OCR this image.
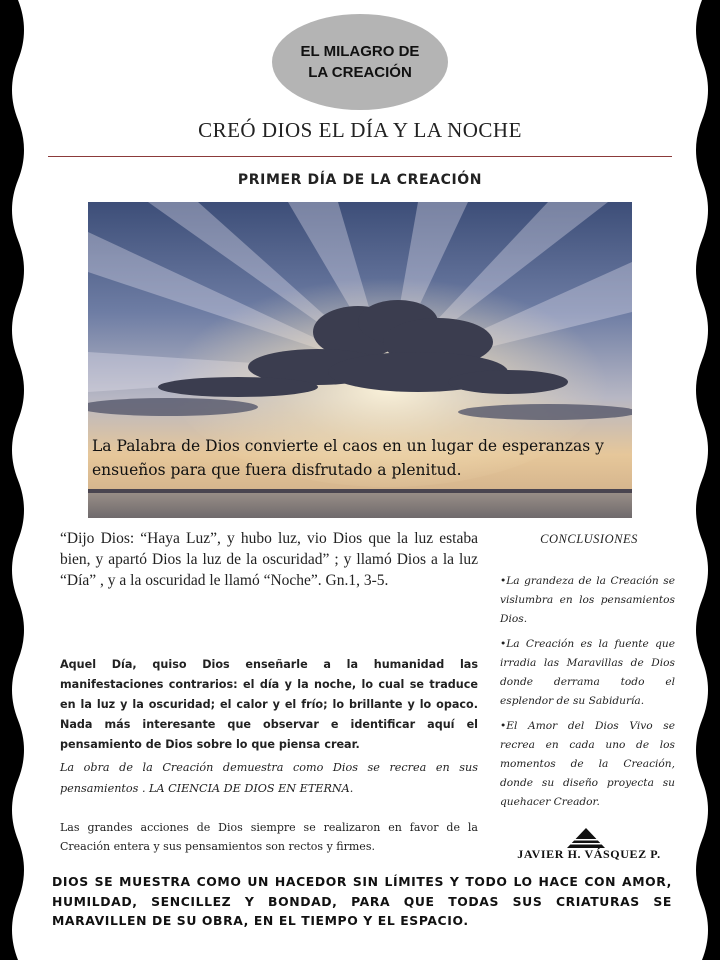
EL MILAGRO DE
LA CREACIÓN
CREÓ DIOS EL DÍA Y LA NOCHE
PRIMER DÍA DE LA CREACIÓN
La Palabra de Dios convierte el caos en un lugar de esperanzas y ensueños para que fuera disfrutado a plenitud.
“Dijo Dios: “Haya Luz”, y hubo luz, vio Dios que la luz estaba bien, y apartó Dios la luz de la oscuridad” ; y llamó Dios a la luz “Día” , y a la oscuridad le llamó “Noche”. Gn.1, 3-5.
Aquel Día, quiso Dios enseñarle a la humanidad las manifestaciones contrarios: el día y la noche, lo cual se traduce en la luz y la oscuridad; el calor y el frío; lo brillante y lo opaco. Nada más interesante que observar e identificar aquí el pensamiento de Dios sobre lo que piensa crear.
La obra de la Creación demuestra como Dios se recrea en sus pensamientos . LA CIENCIA DE DIOS EN ETERNA.
Las grandes acciones de Dios siempre se realizaron en favor de la Creación entera y sus pensamientos son rectos y firmes.
CONCLUSIONES
• La grandeza de la Creación se vislumbra en los pensamientos Dios.
• La Creación es la fuente que irradia las Maravillas de Dios donde derrama todo el esplendor de su Sabiduría.
• El Amor del Dios Vivo se recrea en cada uno de los momentos de la Creación, donde su diseño proyecta su quehacer Creador.
JAVIER H. VÁSQUEZ P.
DIOS SE MUESTRA COMO UN HACEDOR SIN LÍMITES Y TODO LO HACE CON AMOR, HUMILDAD, SENCILLEZ Y BONDAD, PARA QUE TODAS SUS CRIATURAS SE MARAVILLEN DE SU OBRA, EN EL TIEMPO Y EL ESPACIO.
